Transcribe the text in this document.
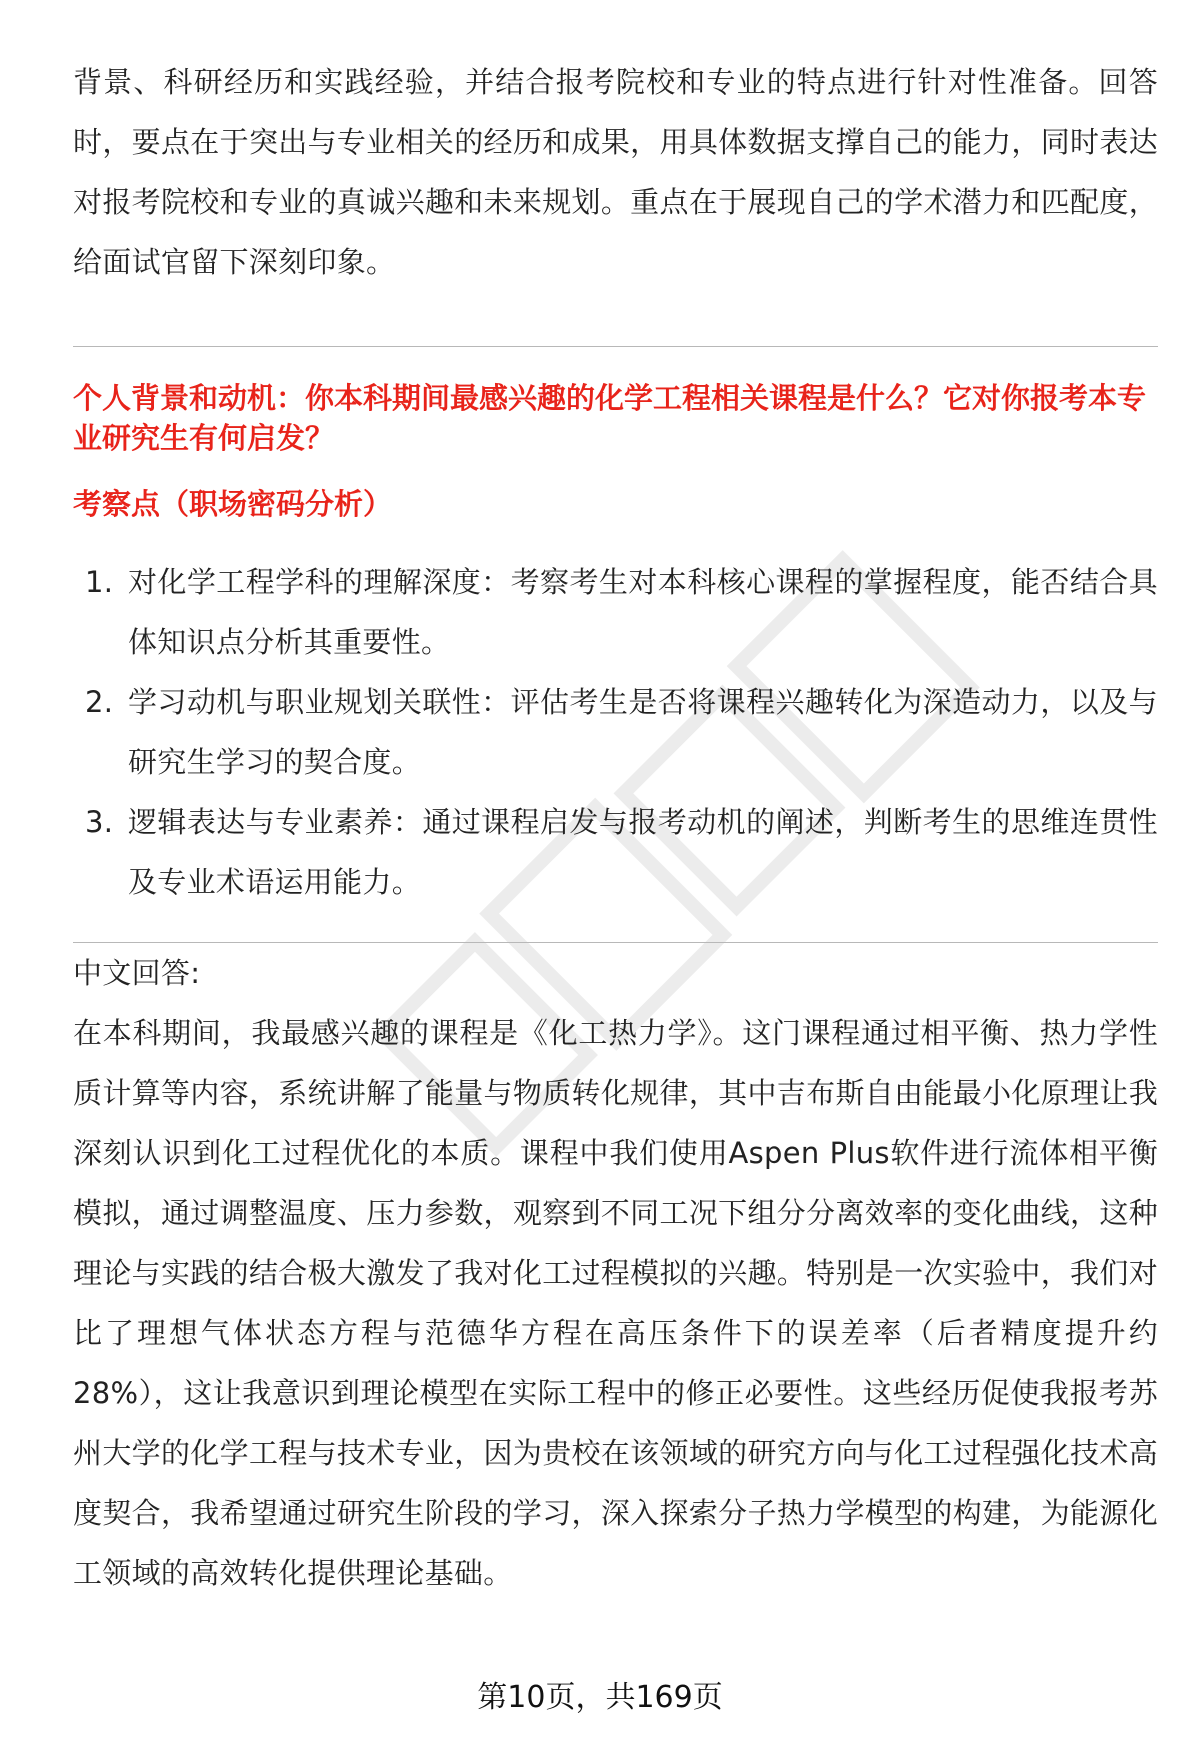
背景、科研经历和实践经验，并结合报考院校和专业的特点进行针对性准备。回答时，要点在于突出与专业相关的经历和成果，用具体数据支撑自己的能力，同时表达对报考院校和专业的真诚兴趣和未来规划。重点在于展现自己的学术潜力和匹配度，给面试官留下深刻印象。

个人背景和动机：你本科期间最感兴趣的化学工程相关课程是什么？它对你报考本专业研究生有何启发？
考察点（职场密码分析）
1. 对化学工程学科的理解深度：考察考生对本科核心课程的掌握程度，能否结合具体知识点分析其重要性。
2. 学习动机与职业规划关联性：评估考生是否将课程兴趣转化为深造动力，以及与研究生学习的契合度。
3. 逻辑表达与专业素养：通过课程启发与报考动机的阐述，判断考生的思维连贯性及专业术语运用能力。

中文回答:

在本科期间，我最感兴趣的课程是《化工热力学》。这门课程通过相平衡、热力学性质计算等内容，系统讲解了能量与物质转化规律，其中吉布斯自由能最小化原理让我深刻认识到化工过程优化的本质。课程中我们使用Aspen Plus软件进行流体相平衡模拟，通过调整温度、压力参数，观察到不同工况下组分分离效率的变化曲线，这种理论与实践的结合极大激发了我对化工过程模拟的兴趣。特别是一次实验中，我们对比了理想气体状态方程与范德华方程在高压条件下的误差率（后者精度提升约28%），这让我意识到理论模型在实际工程中的修正必要性。这些经历促使我报考苏州大学的化学工程与技术专业，因为贵校在该领域的研究方向与化工过程强化技术高度契合，我希望通过研究生阶段的学习，深入探索分子热力学模型的构建，为能源化工领域的高效转化提供理论基础。

第10页，共169页
